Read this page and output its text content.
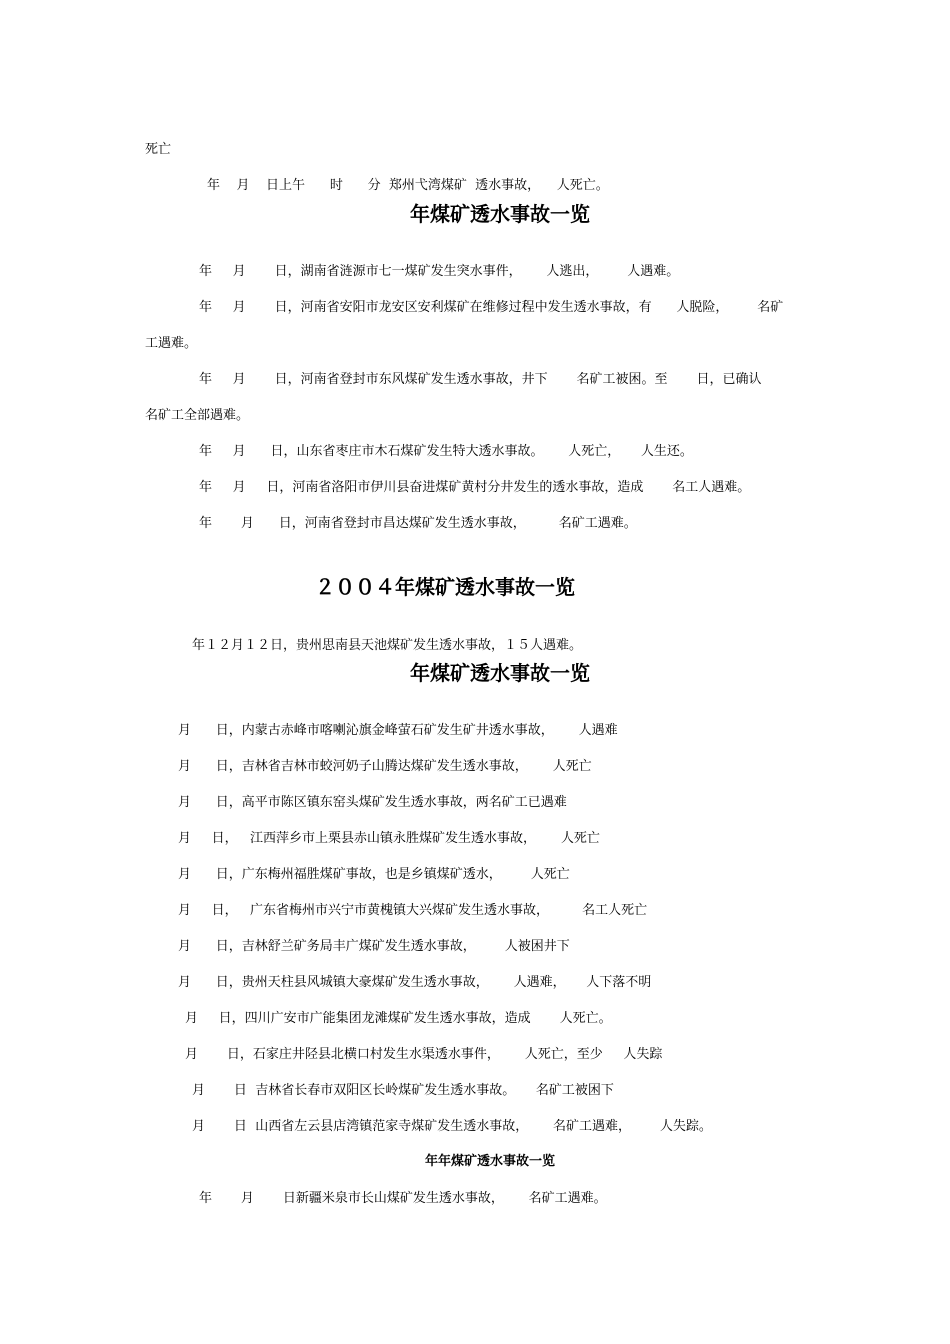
死亡

年    月    日上午      时      分  郑州弋湾煤矿  透水事故，    人死亡。

年煤矿透水事故一览

年     月       日，湖南省涟源市七一煤矿发生突水事件，      人逃出，       人遇难。

年     月       日，河南省安阳市龙安区安利煤矿在维修过程中发生透水事故，有      人脱险，       名矿

工遇难。

年     月       日，河南省登封市东风煤矿发生透水事故，井下       名矿工被困。至       日，已确认

名矿工全部遇难。

年     月      日，山东省枣庄市木石煤矿发生特大透水事故。      人死亡，     人生还。

年     月     日，河南省洛阳市伊川县奋进煤矿黄村分井发生的透水事故，造成       名工人遇难。

年       月      日，河南省登封市昌达煤矿发生透水事故，        名矿工遇难。

２００４年煤矿透水事故一览

年１２月１２日，贵州思南县天池煤矿发生透水事故，１５人遇难。

年煤矿透水事故一览

月      日，内蒙古赤峰市喀喇沁旗金峰萤石矿发生矿井透水事故，      人遇难

月      日，吉林省吉林市蛟河奶子山腾达煤矿发生透水事故，      人死亡

月      日，高平市陈区镇东窑头煤矿发生透水事故，两名矿工已遇难

月     日，   江西萍乡市上栗县赤山镇永胜煤矿发生透水事故，      人死亡

月      日，广东梅州福胜煤矿事故，也是乡镇煤矿透水，       人死亡

月     日，   广东省梅州市兴宁市黄槐镇大兴煤矿发生透水事故，        名工人死亡

月      日，吉林舒兰矿务局丰广煤矿发生透水事故，       人被困井下

月      日，贵州天柱县风城镇大豪煤矿发生透水事故，      人遇难，     人下落不明

月     日，四川广安市广能集团龙滩煤矿发生透水事故，造成       人死亡。

月       日，石家庄井陉县北横口村发生水渠透水事件，      人死亡，至少     人失踪

月       日  吉林省长春市双阳区长岭煤矿发生透水事故。     名矿工被困下

月       日  山西省左云县店湾镇范家寺煤矿发生透水事故，      名矿工遇难，       人失踪。

年年煤矿透水事故一览

年       月       日新疆米泉市长山煤矿发生透水事故，      名矿工遇难。
